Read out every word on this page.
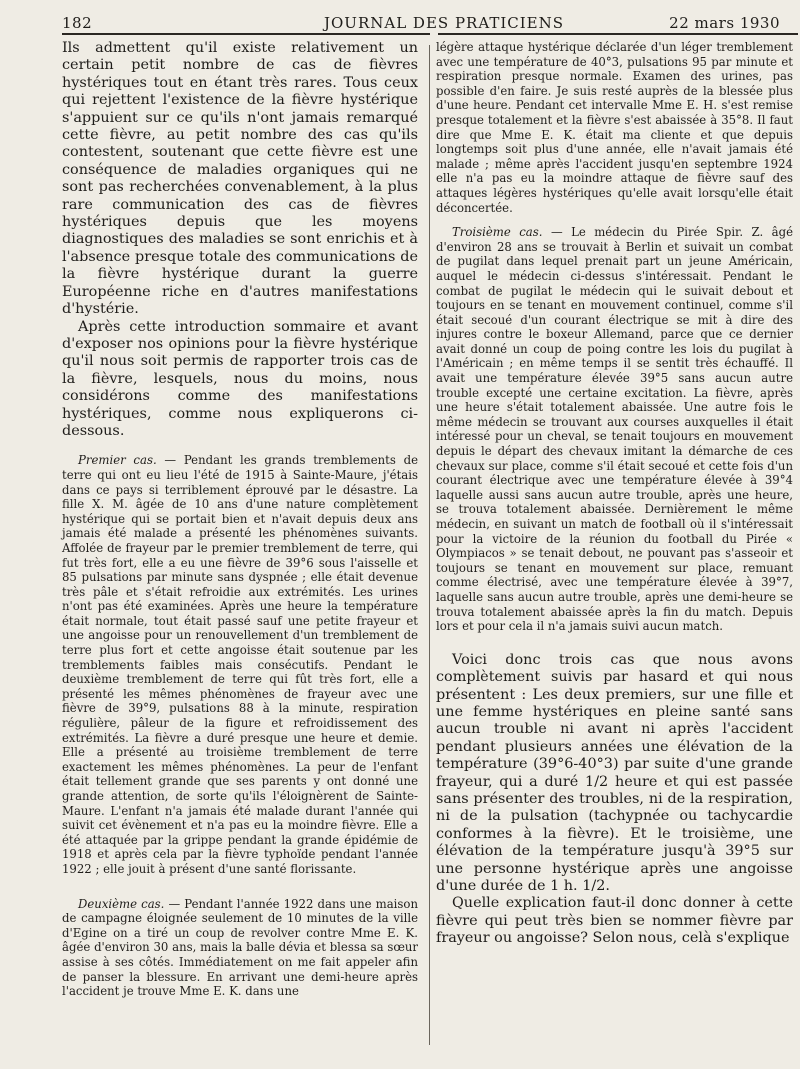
182	JOURNAL DES PRATICIENS	22 mars 1930

Ils admettent qu'il existe relativement un certain petit nombre de cas de fièvres hystériques tout en étant très rares. Tous ceux qui rejettent l'existence de la fièvre hystérique s'appuient sur ce qu'ils n'ont jamais remarqué cette fièvre, au petit nombre des cas qu'ils contestent, soutenant que cette fièvre est une conséquence de maladies organiques qui ne sont pas recherchées convenablement, à la plus rare communication des cas de fièvres hystériques depuis que les moyens diagnostiques des maladies se sont enrichis et à l'absence presque totale des communications de la fièvre hystérique durant la guerre Européenne riche en d'autres manifestations d'hystérie.

Après cette introduction sommaire et avant d'exposer nos opinions pour la fièvre hystérique qu'il nous soit permis de rapporter trois cas de la fièvre, lesquels, nous du moins, nous considérons comme des manifestations hystériques, comme nous expliquerons ci-dessous.

Premier cas. — Pendant les grands tremblements de terre qui ont eu lieu l'été de 1915 à Sainte-Maure, j'étais dans ce pays si terriblement éprouvé par le désastre. La fille X. M. âgée de 10 ans d'une nature complètement hystérique qui se portait bien et n'avait depuis deux ans jamais été malade a présenté les phénomènes suivants. Affolée de frayeur par le premier tremblement de terre, qui fut très fort, elle a eu une fièvre de 39°6 sous l'aisselle et 85 pulsations par minute sans dyspnée ; elle était devenue très pâle et s'était refroidie aux extrémités. Les urines n'ont pas été examinées. Après une heure la température était normale, tout était passé sauf une petite frayeur et une angoisse pour un renouvellement d'un tremblement de terre plus fort et cette angoisse était soutenue par les tremblements faibles mais consécutifs. Pendant le deuxième tremblement de terre qui fût très fort, elle a présenté les mêmes phénomènes de frayeur avec une fièvre de 39°9, pulsations 88 à la minute, respiration régulière, pâleur de la figure et refroidissement des extrémités. La fièvre a duré presque une heure et demie. Elle a présenté au troisième tremblement de terre exactement les mêmes phénomènes. La peur de l'enfant était tellement grande que ses parents y ont donné une grande attention, de sorte qu'ils l'éloignèrent de Sainte-Maure. L'enfant n'a jamais été malade durant l'année qui suivit cet évènement et n'a pas eu la moindre fièvre. Elle a été attaquée par la grippe pendant la grande épidémie de 1918 et après cela par la fièvre typhoïde pendant l'année 1922 ; elle jouit à présent d'une santé florissante.

Deuxième cas. — Pendant l'année 1922 dans une maison de campagne éloignée seulement de 10 minutes de la ville d'Egine on a tiré un coup de revolver contre Mme E. K. âgée d'environ 30 ans, mais la balle dévia et blessa sa sœur assise à ses côtés. Immédiatement on me fait appeler afin de panser la blessure. En arrivant une demi-heure après l'accident je trouve Mme E. K. dans une

légère attaque hystérique déclarée d'un léger tremblement avec une température de 40°3, pulsations 95 par minute et respiration presque normale. Examen des urines, pas possible d'en faire. Je suis resté auprès de la blessée plus d'une heure. Pendant cet intervalle Mme E. H. s'est remise presque totalement et la fièvre s'est abaissée à 35°8. Il faut dire que Mme E. K. était ma cliente et que depuis longtemps soit plus d'une année, elle n'avait jamais été malade ; même après l'accident jusqu'en septembre 1924 elle n'a pas eu la moindre attaque de fièvre sauf des attaques légères hystériques qu'elle avait lorsqu'elle était déconcertée.

Troisième cas. — Le médecin du Pirée Spir. Z. âgé d'environ 28 ans se trouvait à Berlin et suivait un combat de pugilat dans lequel prenait part un jeune Américain, auquel le médecin ci-dessus s'intéressait. Pendant le combat de pugilat le médecin qui le suivait debout et toujours en se tenant en mouvement continuel, comme s'il était secoué d'un courant électrique se mit à dire des injures contre le boxeur Allemand, parce que ce dernier avait donné un coup de poing contre les lois du pugilat à l'Américain ; en même temps il se sentit très échauffé. Il avait une température élevée 39°5 sans aucun autre trouble excepté une certaine excitation. La fièvre, après une heure s'était totalement abaissée. Une autre fois le même médecin se trouvant aux courses auxquelles il était intéressé pour un cheval, se tenait toujours en mouvement depuis le départ des chevaux imitant la démarche de ces chevaux sur place, comme s'il était secoué et cette fois d'un courant électrique avec une température élevée à 39°4 laquelle aussi sans aucun autre trouble, après une heure, se trouva totalement abaissée. Dernièrement le même médecin, en suivant un match de football où il s'intéressait pour la victoire de la réunion du football du Pirée « Olympiacos » se tenait debout, ne pouvant pas s'asseoir et toujours se tenant en mouvement sur place, remuant comme électrisé, avec une température élevée à 39°7, laquelle sans aucun autre trouble, après une demi-heure se trouva totalement abaissée après la fin du match. Depuis lors et pour cela il n'a jamais suivi aucun match.

Voici donc trois cas que nous avons complètement suivis par hasard et qui nous présentent : Les deux premiers, sur une fille et une femme hystériques en pleine santé sans aucun trouble ni avant ni après l'accident pendant plusieurs années une élévation de la température (39°6-40°3) par suite d'une grande frayeur, qui a duré 1/2 heure et qui est passée sans présenter des troubles, ni de la respiration, ni de la pulsation (tachypnée ou tachycardie conformes à la fièvre). Et le troisième, une élévation de la température jusqu'à 39°5 sur une personne hystérique après une angoisse d'une durée de 1 h. 1/2.

Quelle explication faut-il donc donner à cette fièvre qui peut très bien se nommer fièvre par frayeur ou angoisse? Selon nous, celà s'explique
